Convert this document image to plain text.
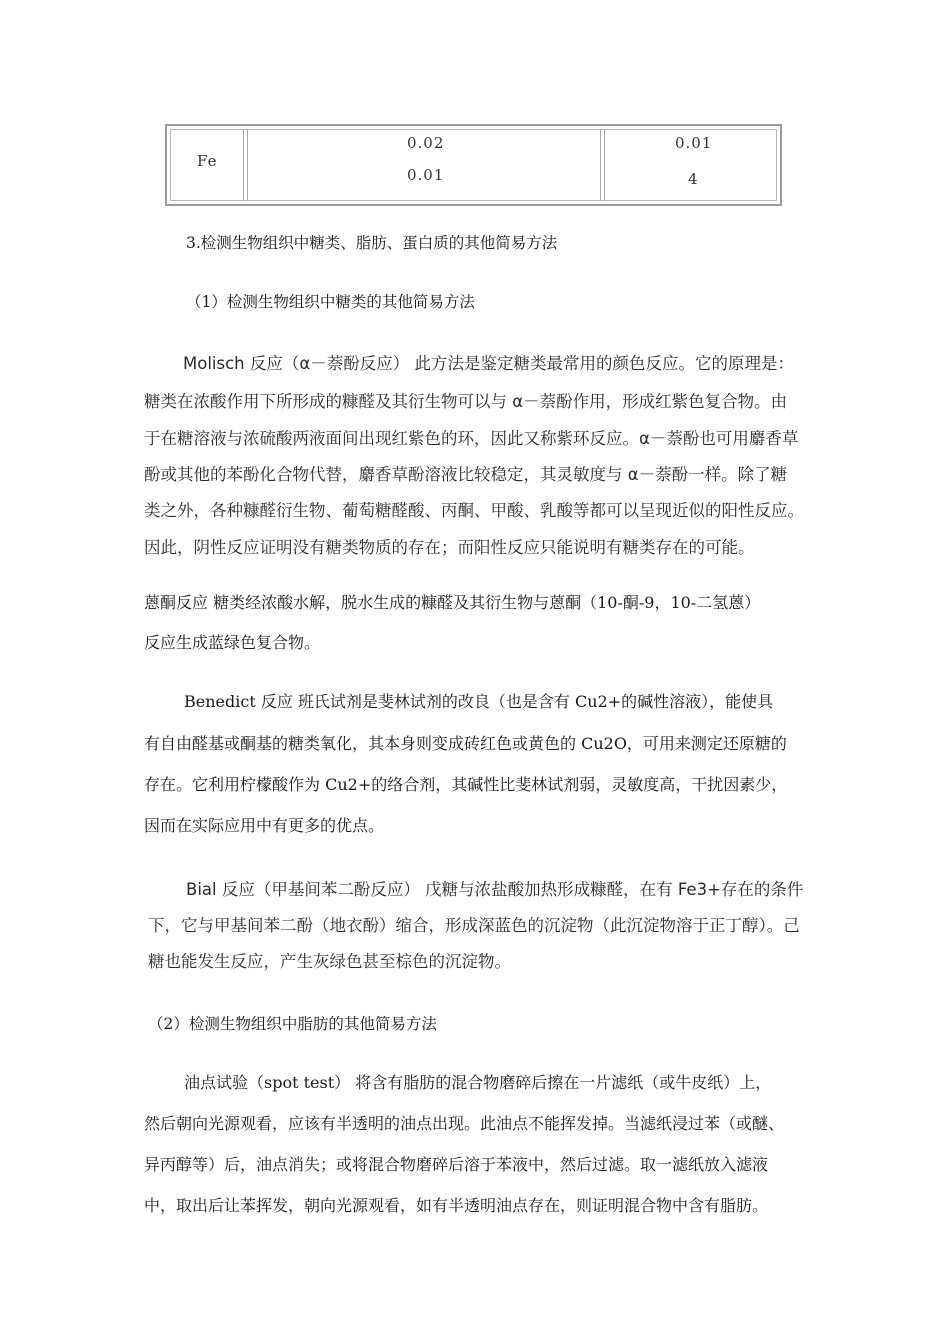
Fe
0.02
0.01
0.01
4
3.检测生物组织中糖类、脂肪、蛋白质的其他简易方法
（1）检测生物组织中糖类的其他简易方法
Molisch 反应（α－萘酚反应） 此方法是鉴定糖类最常用的颜色反应。它的原理是：
糖类在浓酸作用下所形成的糠醛及其衍生物可以与 α－萘酚作用，形成红紫色复合物。由
于在糖溶液与浓硫酸两液面间出现红紫色的环，因此又称紫环反应。α－萘酚也可用麝香草
酚或其他的苯酚化合物代替，麝香草酚溶液比较稳定，其灵敏度与 α－萘酚一样。除了糖
类之外，各种糠醛衍生物、葡萄糖醛酸、丙酮、甲酸、乳酸等都可以呈现近似的阳性反应。
因此，阴性反应证明没有糖类物质的存在；而阳性反应只能说明有糖类存在的可能。
蒽酮反应 糖类经浓酸水解，脱水生成的糠醛及其衍生物与蒽酮（10-酮-9，10-二氢蒽）
反应生成蓝绿色复合物。
Benedict 反应 班氏试剂是斐林试剂的改良（也是含有 Cu2+的碱性溶液），能使具
有自由醛基或酮基的糖类氧化，其本身则变成砖红色或黄色的 Cu2O，可用来测定还原糖的
存在。它利用柠檬酸作为 Cu2+的络合剂，其碱性比斐林试剂弱，灵敏度高，干扰因素少，
因而在实际应用中有更多的优点。
Bial 反应（甲基间苯二酚反应） 戊糖与浓盐酸加热形成糠醛，在有 Fe3+存在的条件
下，它与甲基间苯二酚（地衣酚）缩合，形成深蓝色的沉淀物（此沉淀物溶于正丁醇）。己
糖也能发生反应，产生灰绿色甚至棕色的沉淀物。
（2）检测生物组织中脂肪的其他简易方法
油点试验（spot test） 将含有脂肪的混合物磨碎后擦在一片滤纸（或牛皮纸）上，
然后朝向光源观看，应该有半透明的油点出现。此油点不能挥发掉。当滤纸浸过苯（或醚、
异丙醇等）后，油点消失；或将混合物磨碎后溶于苯液中，然后过滤。取一滤纸放入滤液
中，取出后让苯挥发，朝向光源观看，如有半透明油点存在，则证明混合物中含有脂肪。
